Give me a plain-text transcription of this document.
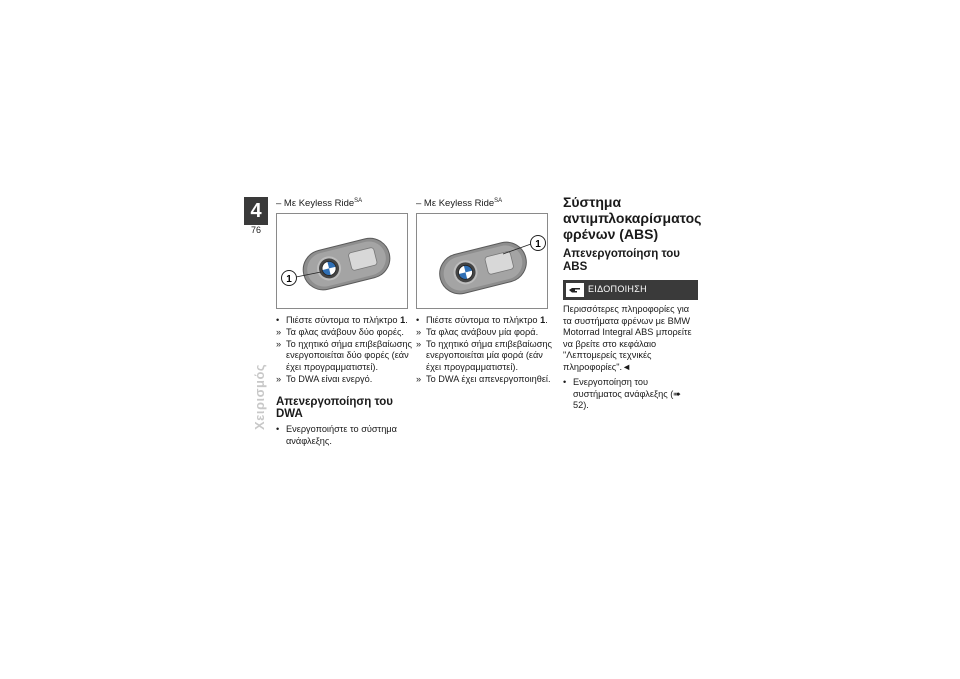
4
76
Χειρισμός
– Με Keyless Ride$^{SA}$
1
• Πιέστε σύντομα το πλήκτρο 1.
» Τα φλας ανάβουν δύο φορές.
» Το ηχητικό σήμα επιβεβαίωσης ενεργοποιείται δύο φορές (εάν έχει προγραμματιστεί).
» Το DWA είναι ενεργό.
Απενεργοποίηση του DWA
• Ενεργοποιήστε το σύστημα ανάφλεξης.
– Με Keyless Ride$^{SA}$
1
• Πιέστε σύντομα το πλήκτρο 1.
» Τα φλας ανάβουν μία φορά.
» Το ηχητικό σήμα επιβεβαίωσης ενεργοποιείται μία φορά (εάν έχει προγραμματιστεί).
» Το DWA έχει απενεργοποιηθεί.
Σύστημα αντιμπλοκαρίσματος φρένων (ABS)
Απενεργοποίηση του ABS
ΕΙΔΟΠΟΙΗΣΗ
Περισσότερες πληροφορίες για τα συστήματα φρένων με BMW Motorrad Integral ABS μπορείτε να βρείτε στο κεφάλαιο "Λεπτομερείς τεχνικές πληροφορίες".◄
• Ενεργοποίηση του συστήματος ανάφλεξης (➠ 52).
